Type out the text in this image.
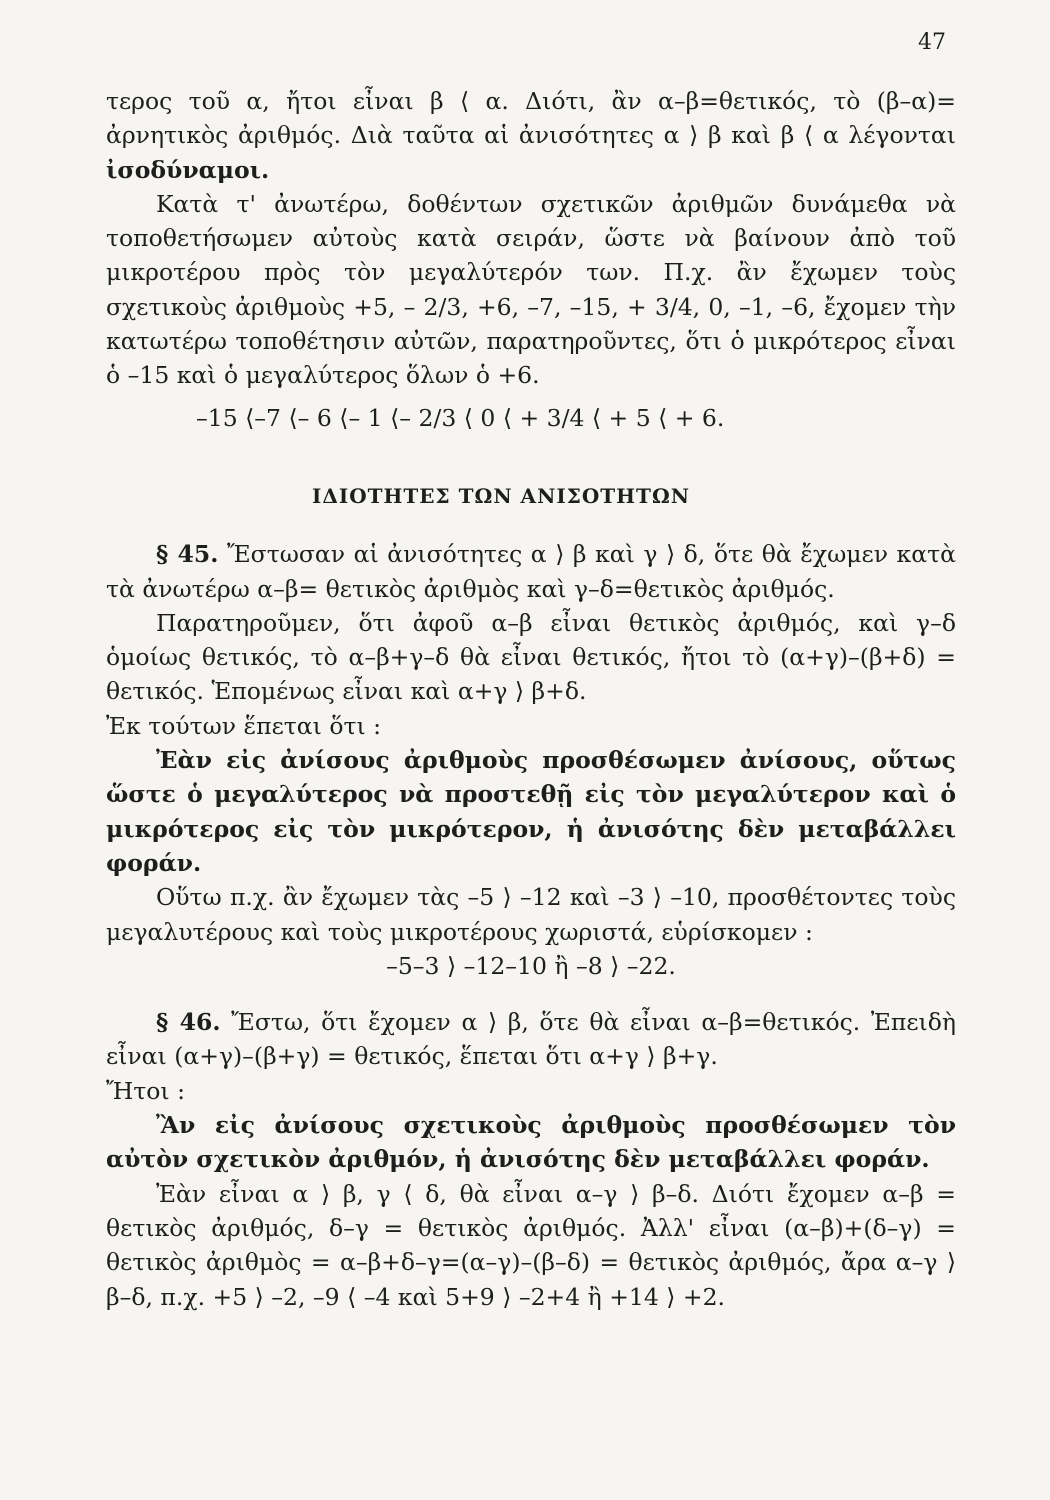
47

τερος τοῦ α, ἤτοι εἶναι β ⟨ α. Διότι, ἂν α–β=θετικός, τὸ (β–α)= ἀρνητικὸς ἀριθμός. Διὰ ταῦτα αἱ ἀνισότητες α ⟩ β καὶ β ⟨ α λέγονται ἰσοδύναμοι.

Κατὰ τ' ἀνωτέρω, δοθέντων σχετικῶν ἀριθμῶν δυνάμεθα νὰ τοποθετήσωμεν αὐτοὺς κατὰ σειράν, ὥστε νὰ βαίνουν ἀπὸ τοῦ μικροτέρου πρὸς τὸν μεγαλύτερόν των. Π.χ. ἂν ἔχωμεν τοὺς σχετικοὺς ἀριθμοὺς +5, – 2/3, +6, –7, –15, + 3/4, 0, –1, –6, ἔχομεν τὴν κατωτέρω τοποθέτησιν αὐτῶν, παρατηροῦντες, ὅτι ὁ μικρότερος εἶναι ὁ –15 καὶ ὁ μεγαλύτερος ὅλων ὁ +6.

–15 ⟨–7 ⟨– 6 ⟨– 1 ⟨– 2/3 ⟨ 0 ⟨ + 3/4 ⟨ + 5 ⟨ + 6.

ΙΔΙΟΤΗΤΕΣ ΤΩΝ ΑΝΙΣΟΤΗΤΩΝ

§ 45. Ἔστωσαν αἱ ἀνισότητες α ⟩ β καὶ γ ⟩ δ, ὅτε θὰ ἔχωμεν κατὰ τὰ ἀνωτέρω α–β= θετικὸς ἀριθμὸς καὶ γ–δ=θετικὸς ἀριθμός.

Παρατηροῦμεν, ὅτι ἀφοῦ α–β εἶναι θετικὸς ἀριθμός, καὶ γ–δ ὁμοίως θετικός, τὸ α–β+γ–δ θὰ εἶναι θετικός, ἤτοι τὸ (α+γ)–(β+δ) = θετικός. Ἑπομένως εἶναι καὶ α+γ ⟩ β+δ.

Ἐκ τούτων ἕπεται ὅτι :

Ἐὰν εἰς ἀνίσους ἀριθμοὺς προσθέσωμεν ἀνίσους, οὕτως ὥστε ὁ μεγαλύτερος νὰ προστεθῇ εἰς τὸν μεγαλύτερον καὶ ὁ μικρότερος εἰς τὸν μικρότερον, ἡ ἀνισότης δὲν μεταβάλλει φοράν.

Οὕτω π.χ. ἂν ἔχωμεν τὰς –5 ⟩ –12 καὶ –3 ⟩ –10, προσθέτοντες τοὺς μεγαλυτέρους καὶ τοὺς μικροτέρους χωριστά, εὑρίσκομεν :

–5–3 ⟩ –12–10 ἢ –8 ⟩ –22.

§ 46. Ἔστω, ὅτι ἔχομεν α ⟩ β, ὅτε θὰ εἶναι α–β=θετικός. Ἐπειδὴ εἶναι (α+γ)–(β+γ) = θετικός, ἕπεται ὅτι α+γ ⟩ β+γ.

Ἤτοι :

Ἂν εἰς ἀνίσους σχετικοὺς ἀριθμοὺς προσθέσωμεν τὸν αὐτὸν σχετικὸν ἀριθμόν, ἡ ἀνισότης δὲν μεταβάλλει φοράν.

Ἐὰν εἶναι α ⟩ β, γ ⟨ δ, θὰ εἶναι α–γ ⟩ β–δ. Διότι ἔχομεν α–β = θετικὸς ἀριθμός, δ–γ = θετικὸς ἀριθμός. Ἀλλ' εἶναι (α–β)+(δ–γ) = θετικὸς ἀριθμὸς = α–β+δ–γ=(α–γ)–(β–δ) = θετικὸς ἀριθμός, ἄρα α–γ ⟩ β–δ, π.χ. +5 ⟩ –2, –9 ⟨ –4 καὶ 5+9 ⟩ –2+4 ἢ +14 ⟩ +2.
